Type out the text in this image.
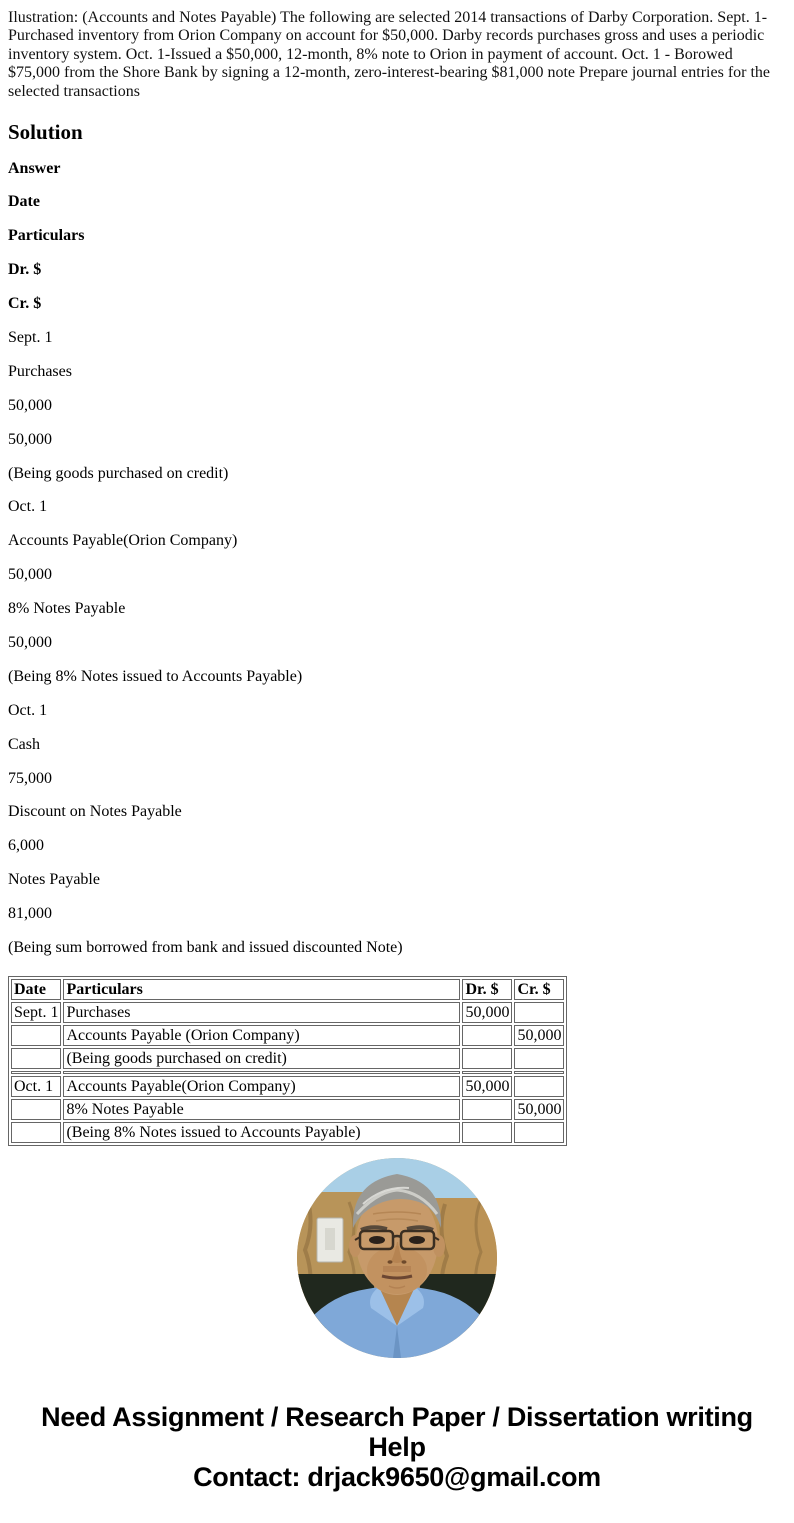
Ilustration: (Accounts and Notes Payable) The following are selected 2014 transactions of Darby Corporation. Sept. 1-Purchased inventory from Orion Company on account for $50,000. Darby records purchases gross and uses a periodic inventory system. Oct. 1-Issued a $50,000, 12-month, 8% note to Orion in payment of account. Oct. 1 - Borowed $75,000 from the Shore Bank by signing a 12-month, zero-interest-bearing $81,000 note Prepare journal entries for the selected transactions

Solution

Answer

Date

Particulars

Dr. $

Cr. $

Sept. 1

Purchases

50,000

50,000

(Being goods purchased on credit)

Oct. 1

Accounts Payable(Orion Company)

50,000

8% Notes Payable

50,000

(Being 8% Notes issued to Accounts Payable)

Oct. 1

Cash

75,000

Discount on Notes Payable

6,000

Notes Payable

81,000

(Being sum borrowed from bank and issued discounted Note)

Date	Particulars	Dr. $	Cr. $
Sept. 1	Purchases	50,000	
	Accounts Payable (Orion Company)		50,000
	(Being goods purchased on credit)		

Oct. 1	Accounts Payable(Orion Company)	50,000	
	8% Notes Payable		50,000
	(Being 8% Notes issued to Accounts Payable)		
Need Assignment / Research Paper / Dissertation writing Help
Contact: drjack9650@gmail.com
